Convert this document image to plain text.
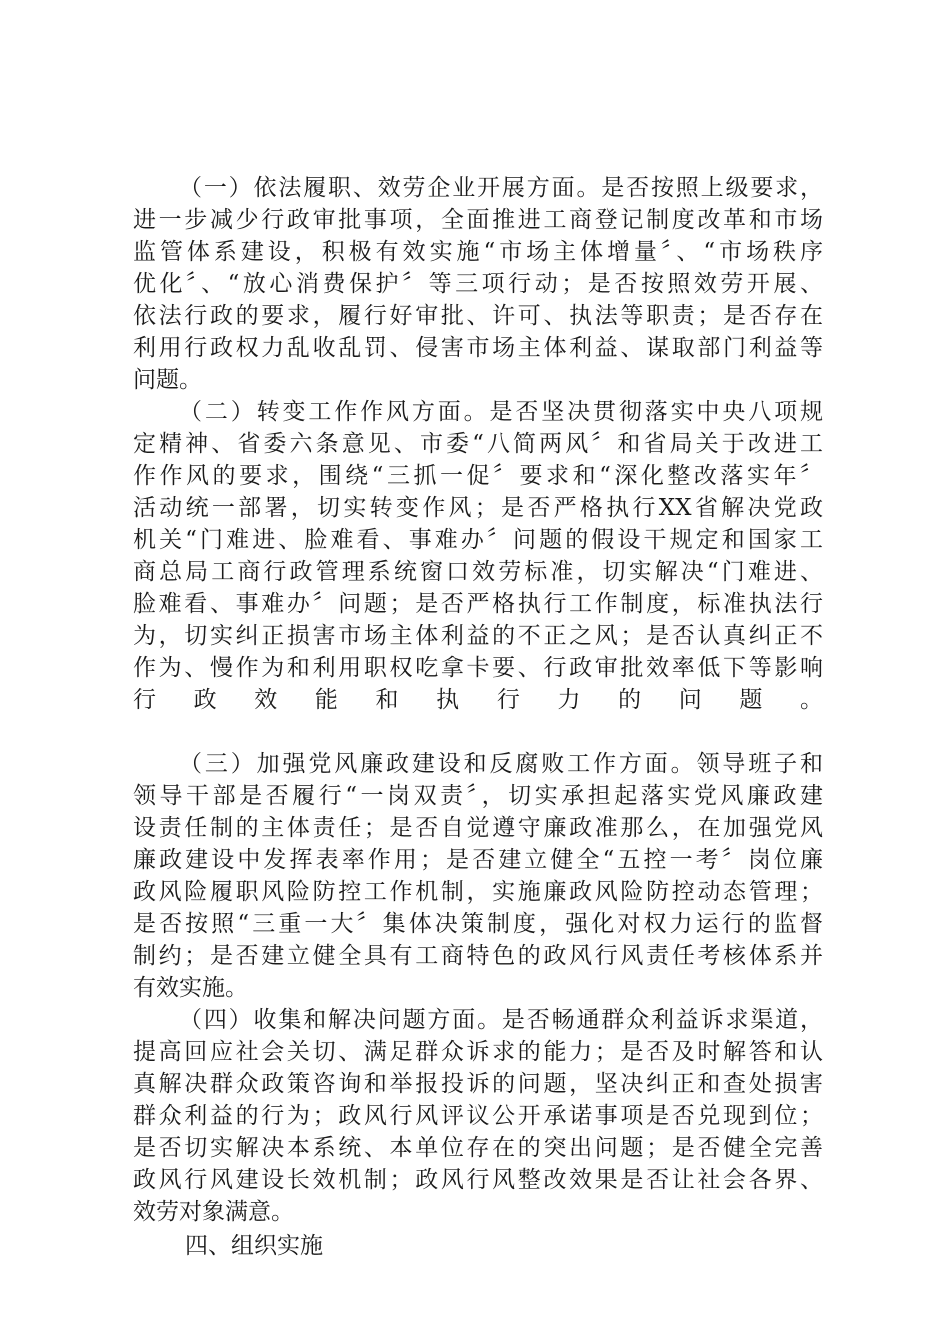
（一）依法履职、效劳企业开展方面。是否按照上级要求，
进一步减少行政审批事项，全面推进工商登记制度改革和市场
监管体系建设，积极有效实施“市场主体增量〞、“市场秩序
优化〞、“放心消费保护〞等三项行动；是否按照效劳开展、
依法行政的要求，履行好审批、许可、执法等职责；是否存在
利用行政权力乱收乱罚、侵害市场主体利益、谋取部门利益等
问题。
（二）转变工作作风方面。是否坚决贯彻落实中央八项规
定精神、省委六条意见、市委“八简两风〞和省局关于改进工
作作风的要求，围绕“三抓一促〞要求和“深化整改落实年〞
活动统一部署，切实转变作风；是否严格执行XX省解决党政
机关“门难进、脸难看、事难办〞问题的假设干规定和国家工
商总局工商行政管理系统窗口效劳标准，切实解决“门难进、
脸难看、事难办〞问题；是否严格执行工作制度，标准执法行
为，切实纠正损害市场主体利益的不正之风；是否认真纠正不
作为、慢作为和利用职权吃拿卡要、行政审批效率低下等影响
行政效能和执行力的问题。
（三）加强党风廉政建设和反腐败工作方面。领导班子和
领导干部是否履行“一岗双责〞，切实承担起落实党风廉政建
设责任制的主体责任；是否自觉遵守廉政准那么，在加强党风
廉政建设中发挥表率作用；是否建立健全“五控一考〞岗位廉
政风险履职风险防控工作机制，实施廉政风险防控动态管理；
是否按照“三重一大〞集体决策制度，强化对权力运行的监督
制约；是否建立健全具有工商特色的政风行风责任考核体系并
有效实施。
（四）收集和解决问题方面。是否畅通群众利益诉求渠道，
提高回应社会关切、满足群众诉求的能力；是否及时解答和认
真解决群众政策咨询和举报投诉的问题，坚决纠正和查处损害
群众利益的行为；政风行风评议公开承诺事项是否兑现到位；
是否切实解决本系统、本单位存在的突出问题；是否健全完善
政风行风建设长效机制；政风行风整改效果是否让社会各界、
效劳对象满意。
四、组织实施
